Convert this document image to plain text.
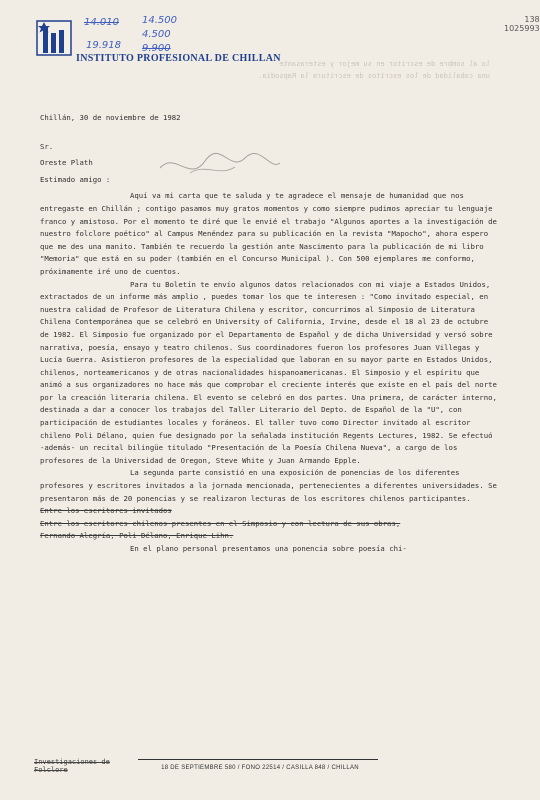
INSTITUTO PROFESIONAL DE CHILLAN
14.010
19.918
14.500
4.500
9.900
138
1025993
lo al sombre de escritor en su mejor y esterasante
una cabalidad de los escritos de escritura la Rapsodia.
Chillán, 30 de noviembre de 1982
Sr.
Oreste Plath
Estimado amigo :

Aquí va mi carta que te saluda y te agradece el mensaje de humanidad que nos entregaste en Chillán ; contigo pasamos muy gratos momentos y como siempre pudimos apreciar tu lenguaje franco y amistoso. Por el momento te diré que le envié el trabajo "Algunos aportes a la investigación de nuestro folclore poético" al Campus Menéndez para su publicación en la revista "Mapocho", ahora espero que me des una manito. También te recuerdo la gestión ante Nascimento para la publicación de mi libro "Memoria" que está en su poder (también en el Concurso Municipal ). Con 500 ejemplares me conformo, próximamente iré uno de cuentos.

Para tu Boletín te envío algunos datos relacionados con mi viaje a Estados Unidos, extractados de un informe más amplio , puedes tomar los que te interesen : "Como invitado especial, en nuestra calidad de Profesor de Literatura Chilena y escritor, concurrimos al Simposio de Literatura Chilena Contemporánea que se celebró en University of California, Irvine, desde el 18 al 23 de octubre de 1982. El Simposio fue organizado por el Departamento de Español y de dicha Universidad y versó sobre narrativa, poesía, ensayo y teatro chilenos. Sus coordinadores fueron los profesores Juan Villegas y Lucía Guerra. Asistieron profesores de la especialidad que laboran en su mayor parte en Estados Unidos, chilenos, norteamericanos y de otras nacionalidades hispanoamericanas. El Simposio y el espíritu que animó a sus organizadores no hace más que comprobar el creciente interés que existe en el país del norte por la creación literaria chilena. El evento se celebró en dos partes. Una primera, de carácter interno, destinada a dar a conocer los trabajos del Taller Literario del Depto. de Español de la "U", con participación de estudiantes locales y foráneos. El taller tuvo como Director invitado al escritor chileno Poli Délano, quien fue designado por la señalada institución Regents Lectures, 1982. Se efectuó -además- un recital bilingüe titulado "Presentación de la Poesía Chilena Nueva", a cargo de los profesores de la Universidad de Oregon, Steve White y Juan Armando Epple.

La segunda parte consistió en una exposición de ponencias de los diferentes profesores y escritores invitados a la jornada mencionada, pertenecientes a diferentes universidades. Se presentaron más de 20 ponencias y se realizaron lecturas de los escritores chilenos participantes.

Entre los escritores invitados
Entre los escritores chilenos presentes en el Simposio y con lectura de sus obras,
Fernando Alegría, Poli Délano, Enrique Lihn.

En el plano personal presentamos una ponencia sobre poesía chi-

Investigaciones de Folclore	18 DE SEPTIEMBRE 580 / FONO 22514 / CASILLA 848 / CHILLAN
